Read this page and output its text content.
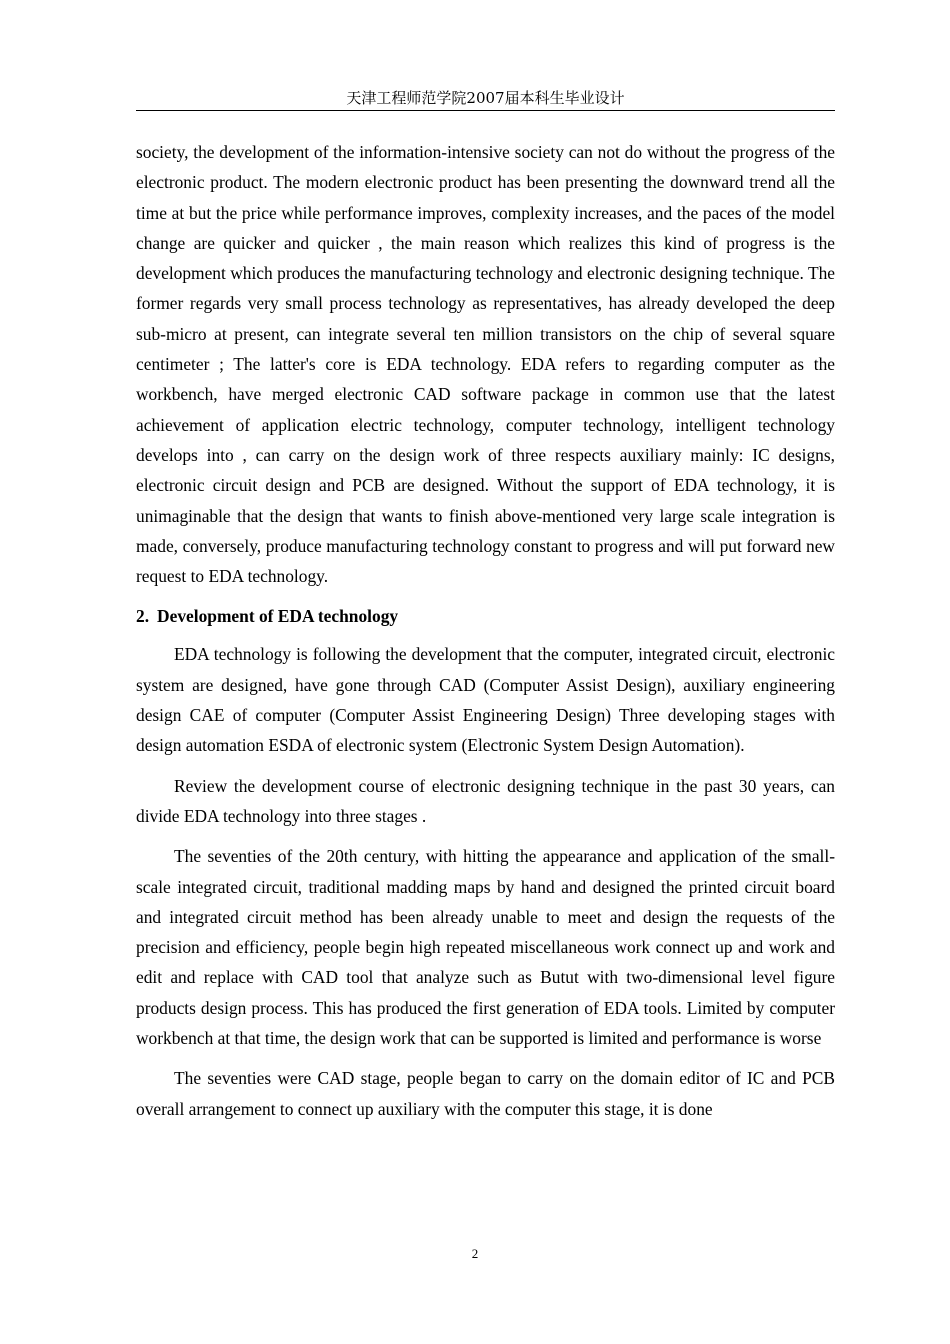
天津工程师范学院2007届本科生毕业设计

society, the development of the information-intensive society can not do without the progress of the electronic product. The modern electronic product has been presenting the downward trend all the time at but the price while performance improves, complexity increases, and the paces of the model change are quicker and quicker , the main reason which realizes this kind of progress is the development which produces the manufacturing technology and electronic designing technique. The former regards very small process technology as representatives, has already developed the deep sub-micro at present, can integrate several ten million transistors on the chip of several square centimeter ; The latter's core is EDA technology. EDA refers to regarding computer as the workbench, have merged electronic CAD software package in common use that the latest achievement of application electric technology, computer technology, intelligent technology develops into , can carry on the design work of three respects auxiliary mainly: IC designs, electronic circuit design and PCB are designed. Without the support of EDA technology, it is unimaginable that the design that wants to finish above-mentioned very large scale integration is made, conversely, produce manufacturing technology constant to progress and will put forward new request to EDA technology.

2. Development of EDA technology

EDA technology is following the development that the computer, integrated circuit, electronic system are designed, have gone through CAD (Computer Assist Design), auxiliary engineering design CAE of computer (Computer Assist Engineering Design) Three developing stages with design automation ESDA of electronic system (Electronic System Design Automation).

Review the development course of electronic designing technique in the past 30 years, can divide EDA technology into three stages .

The seventies of the 20th century, with hitting the appearance and application of the small- scale integrated circuit, traditional madding maps by hand and designed the printed circuit board and integrated circuit method has been already unable to meet and design the requests of the precision and efficiency, people begin high repeated miscellaneous work connect up and work and edit and replace with CAD tool that analyze such as Butut with two-dimensional level figure products design process. This has produced the first generation of EDA tools. Limited by computer workbench at that time, the design work that can be supported is limited and performance is worse

The seventies were CAD stage, people began to carry on the domain editor of IC and PCB overall arrangement to connect up auxiliary with the computer this stage, it is done

2
